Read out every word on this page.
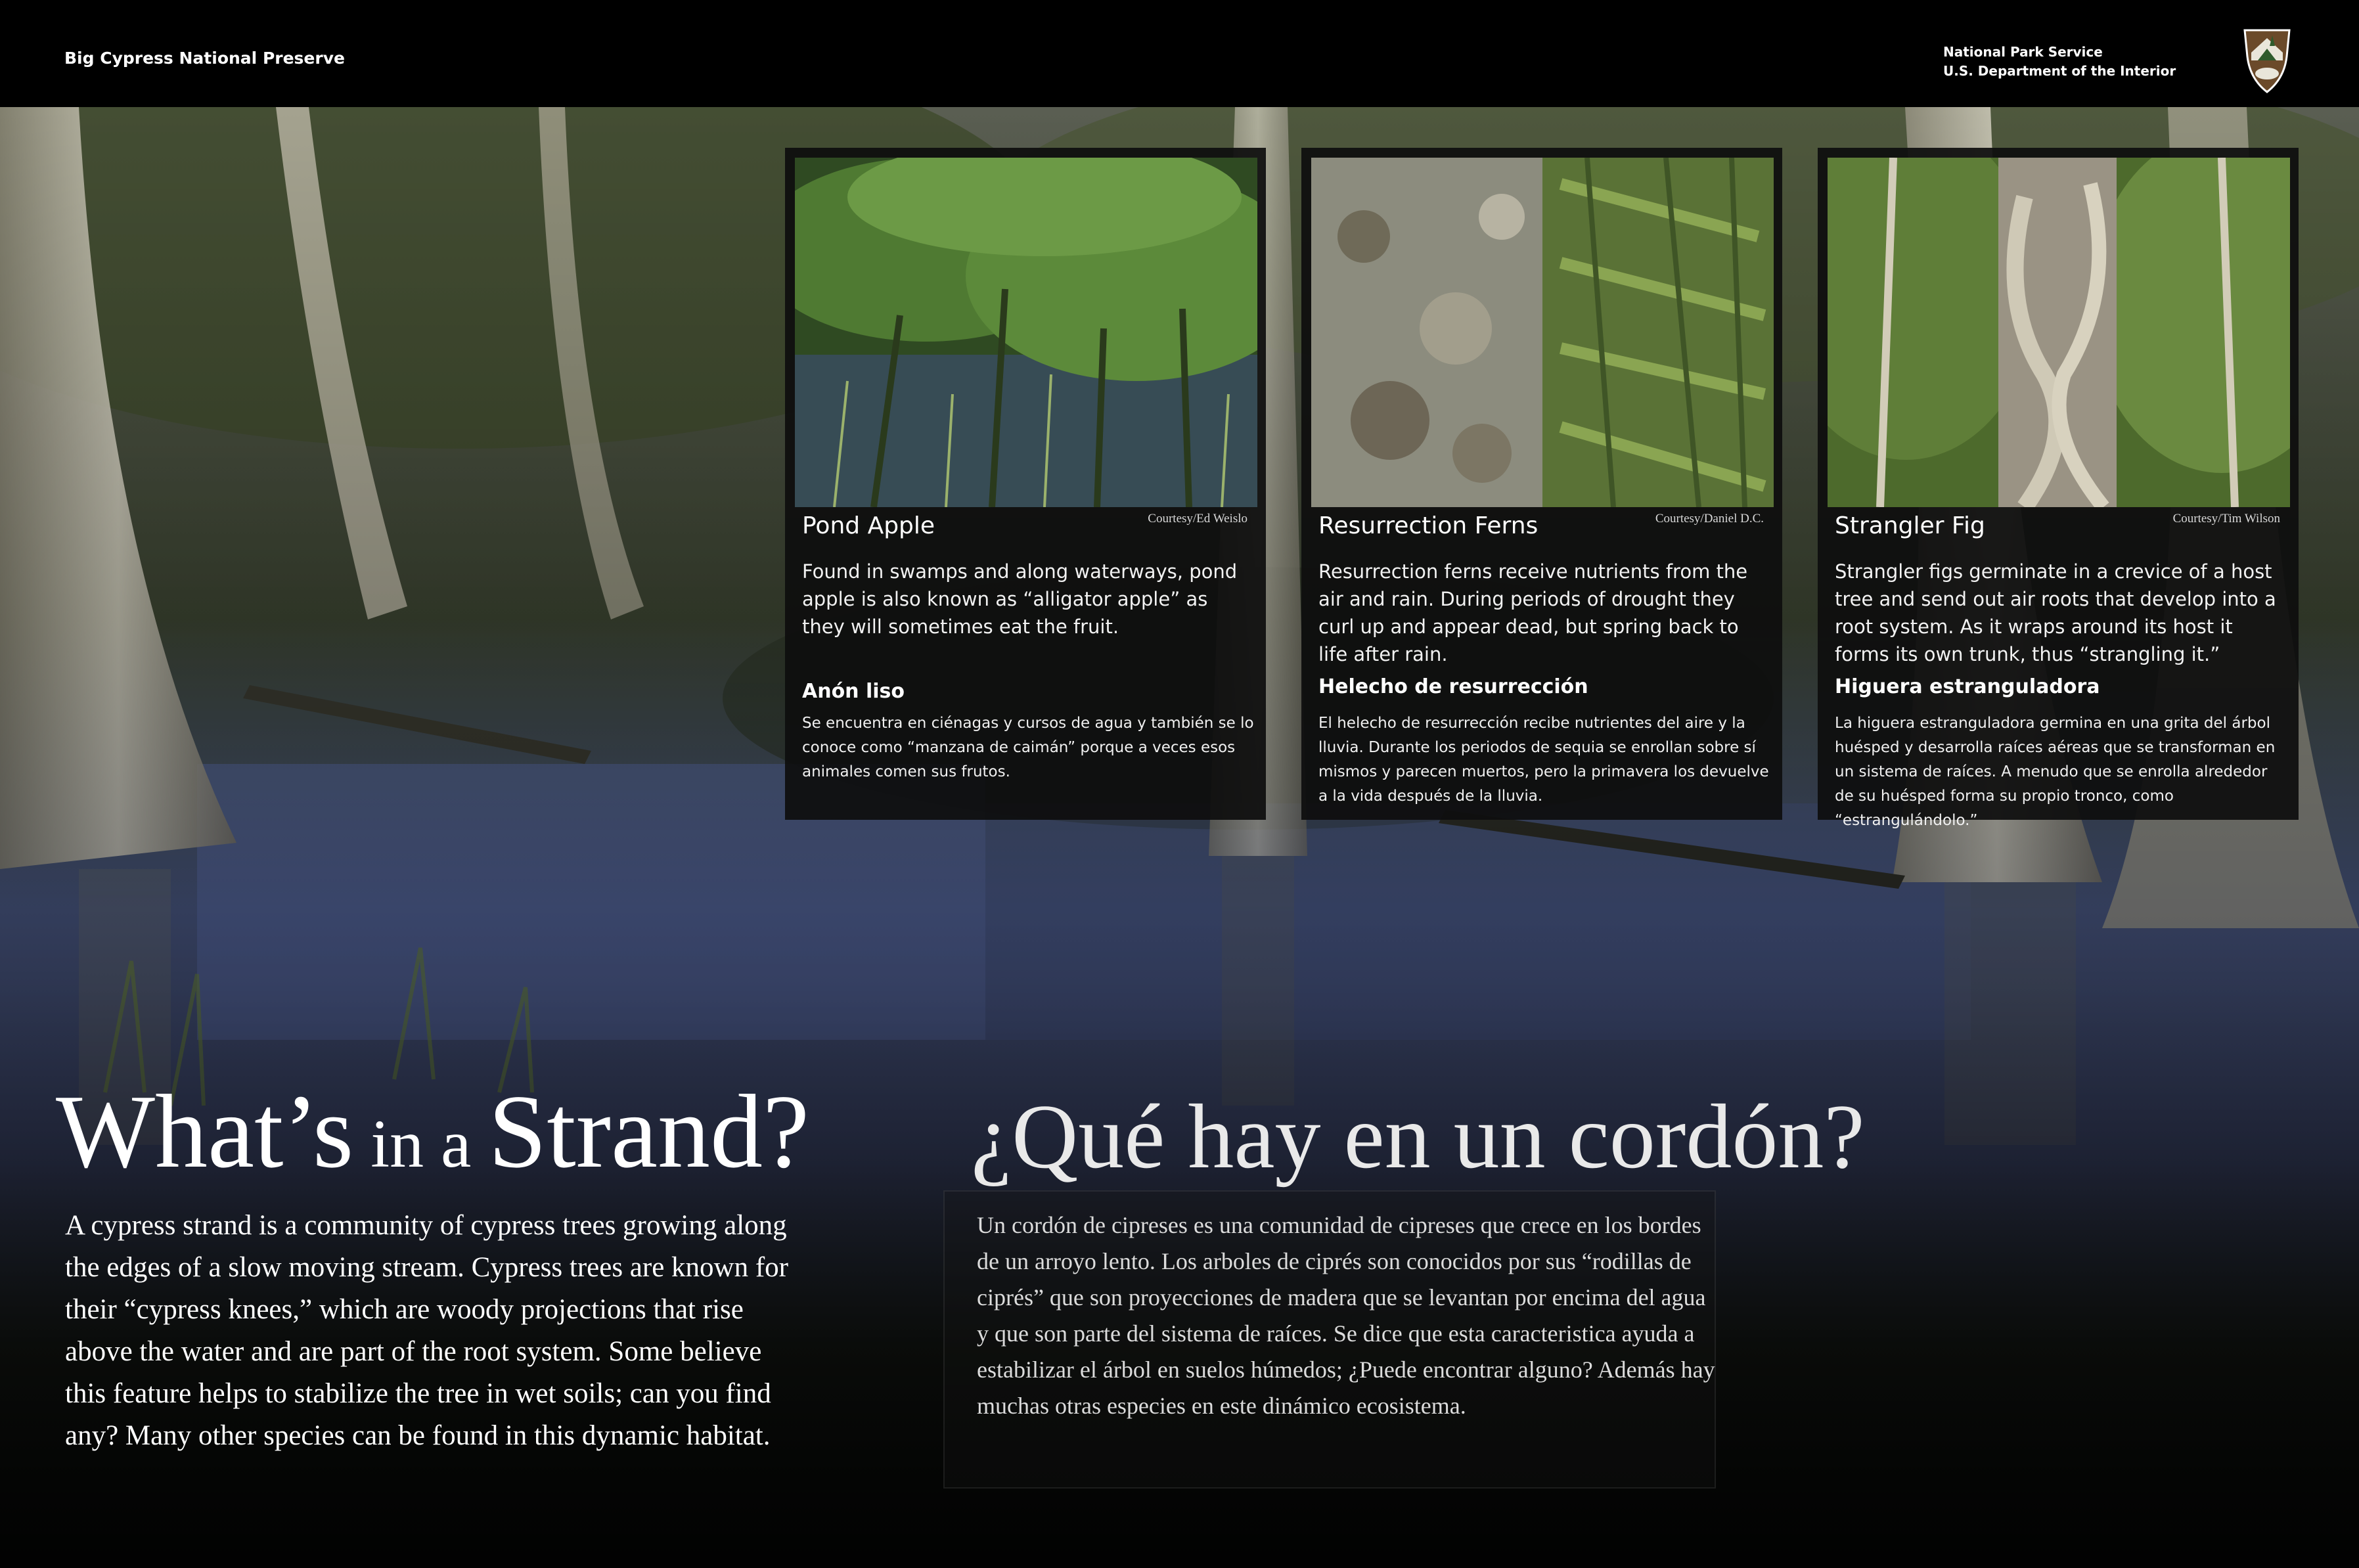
Big Cypress National Preserve	National Park Service
U.S. Department of the Interior
Pond Apple	Courtesy/Ed Weislo
Found in swamps and along waterways, pond apple is also known as “alligator apple” as they will sometimes eat the fruit.
Anón liso
Se encuentra en ciénagas y cursos de agua y también se lo conoce como “manzana de caimán” porque a veces esos animales comen sus frutos.
Resurrection Ferns	Courtesy/Daniel D.C.
Resurrection ferns receive nutrients from the air and rain. During periods of drought they curl up and appear dead, but spring back to life after rain.
Helecho de resurrección
El helecho de resurrección recibe nutrientes del aire y la lluvia. Durante los periodos de sequia se enrollan sobre sí mismos y parecen muertos, pero la primavera los devuelve a la vida después de la lluvia.
Strangler Fig	Courtesy/Tim Wilson
Strangler figs germinate in a crevice of a host tree and send out air roots that develop into a root system. As it wraps around its host it forms its own trunk, thus “strangling it.”
Higuera estranguladora
La higuera estranguladora germina en una grita del árbol huésped y desarrolla raíces aéreas que se transforman en un sistema de raíces. A menudo que se enrolla alrededor de su huésped forma su propio tronco, como “estrangulándolo.”
What’s in a Strand? ¿Qué hay en un cordón?
A cypress strand is a community of cypress trees growing along the edges of a slow moving stream. Cypress trees are known for their “cypress knees,” which are woody projections that rise above the water and are part of the root system. Some believe this feature helps to stabilize the tree in wet soils; can you find any? Many other species can be found in this dynamic habitat.
Un cordón de cipreses es una comunidad de cipreses que crece en los bordes de un arroyo lento. Los arboles de ciprés son conocidos por sus “rodillas de ciprés” que son proyecciones de madera que se levantan por encima del agua y que son parte del sistema de raíces. Se dice que esta caracteristica ayuda a estabilizar el árbol en suelos húmedos; ¿Puede encontrar alguno? Además hay muchas otras especies en este dinámico ecosistema.
